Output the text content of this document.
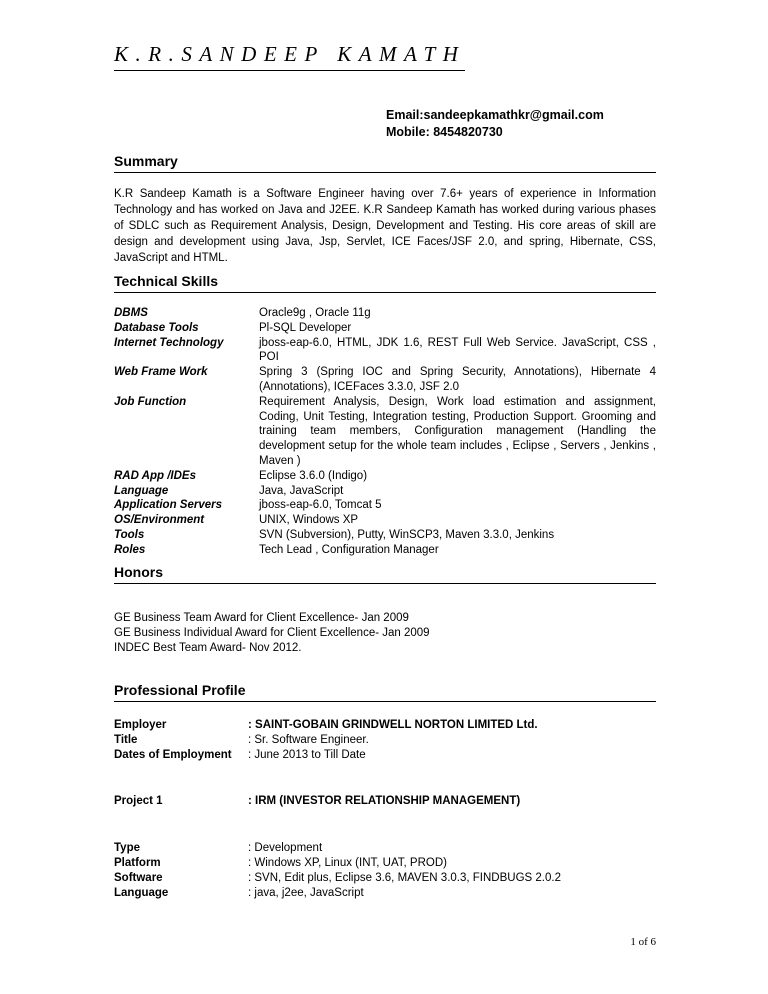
K.R.SANDEEP KAMATH
Email:sandeepkamathkr@gmail.com
Mobile: 8454820730
Summary

K.R Sandeep Kamath is a Software Engineer having over 7.6+ years of experience in Information Technology and has worked on Java and J2EE. K.R Sandeep Kamath has worked during various phases of SDLC such as Requirement Analysis, Design, Development and Testing. His core areas of skill are design and development using Java, Jsp, Servlet, ICE Faces/JSF 2.0, and spring, Hibernate, CSS, JavaScript and HTML.

Technical Skills
DBMS	Oracle9g , Oracle 11g
Database Tools	Pl-SQL Developer
Internet Technology	jboss-eap-6.0, HTML, JDK 1.6, REST Full Web Service. JavaScript, CSS , POI
Web Frame Work	Spring 3 (Spring IOC and Spring Security, Annotations), Hibernate 4 (Annotations), ICEFaces 3.3.0, JSF 2.0
Job Function	Requirement Analysis, Design, Work load estimation and assignment, Coding, Unit Testing, Integration testing, Production Support. Grooming and training team members, Configuration management (Handling the development setup for the whole team includes , Eclipse , Servers , Jenkins , Maven )
RAD App /IDEs	Eclipse 3.6.0 (Indigo)
Language	Java, JavaScript
Application Servers	jboss-eap-6.0, Tomcat 5
OS/Environment	UNIX, Windows XP
Tools	SVN (Subversion), Putty, WinSCP3, Maven 3.3.0, Jenkins
Roles	Tech Lead , Configuration Manager
Honors
GE Business Team Award for Client Excellence- Jan 2009
GE Business Individual Award for Client Excellence- Jan 2009
INDEC Best Team Award- Nov 2012.
Professional Profile
Employer	: SAINT-GOBAIN GRINDWELL NORTON LIMITED Ltd.
Title	: Sr. Software Engineer.
Dates of Employment	: June 2013 to Till Date
Project 1	: IRM (INVESTOR RELATIONSHIP MANAGEMENT)
Type	: Development
Platform	: Windows XP, Linux (INT, UAT, PROD)
Software	: SVN, Edit plus, Eclipse 3.6, MAVEN 3.0.3, FINDBUGS 2.0.2
Language	: java, j2ee, JavaScript
1 of 6
